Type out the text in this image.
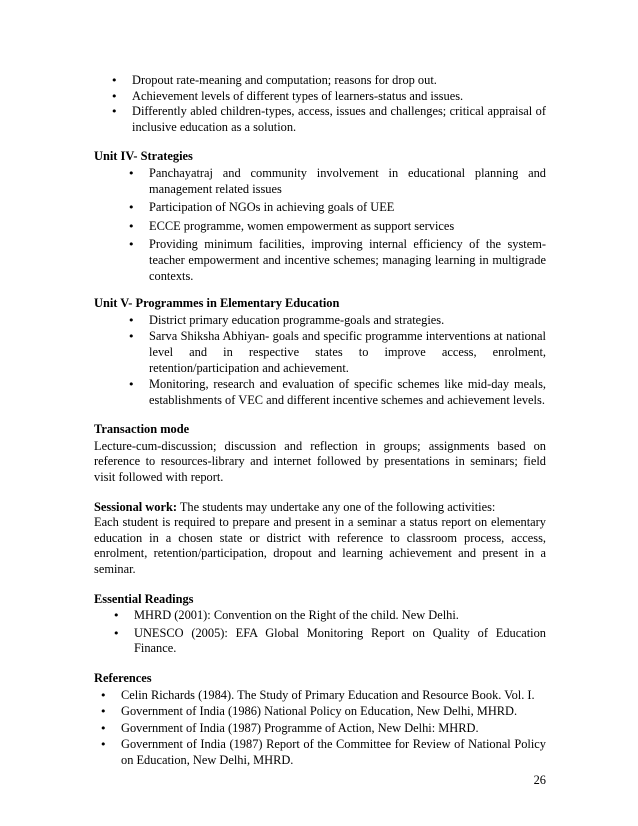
• Dropout rate-meaning and computation; reasons for drop out.
• Achievement levels of different types of learners-status and issues.
• Differently abled children-types, access, issues and challenges; critical appraisal of inclusive education as a solution.
Unit IV- Strategies
• Panchayatraj and community involvement in educational planning and management related issues
• Participation of NGOs in achieving goals of UEE
• ECCE programme, women empowerment as support services
• Providing minimum facilities, improving internal efficiency of the system-teacher empowerment and incentive schemes; managing learning in multigrade contexts.
Unit V- Programmes in Elementary Education
• District primary education programme-goals and strategies.
• Sarva Shiksha Abhiyan- goals and specific programme interventions at national level and in respective states to improve access, enrolment, retention/participation and achievement.
• Monitoring, research and evaluation of specific schemes like mid-day meals, establishments of VEC and different incentive schemes and achievement levels.
Transaction mode

Lecture-cum-discussion; discussion and reflection in groups; assignments based on reference to resources-library and internet followed by presentations in seminars; field visit followed with report.

Sessional work: The students may undertake any one of the following activities:

Each student is required to prepare and present in a seminar a status report on elementary education in a chosen state or district with reference to classroom process, access, enrolment, retention/participation, dropout and learning achievement and present in a seminar.

Essential Readings
• MHRD (2001): Convention on the Right of the child. New Delhi.
• UNESCO (2005): EFA Global Monitoring Report on Quality of Education Finance.
References
• Celin Richards (1984). The Study of Primary Education and Resource Book. Vol. I.
• Government of India (1986) National Policy on Education, New Delhi, MHRD.
• Government of India (1987) Programme of Action, New Delhi: MHRD.
• Government of India (1987) Report of the Committee for Review of National Policy on Education, New Delhi, MHRD.
26
